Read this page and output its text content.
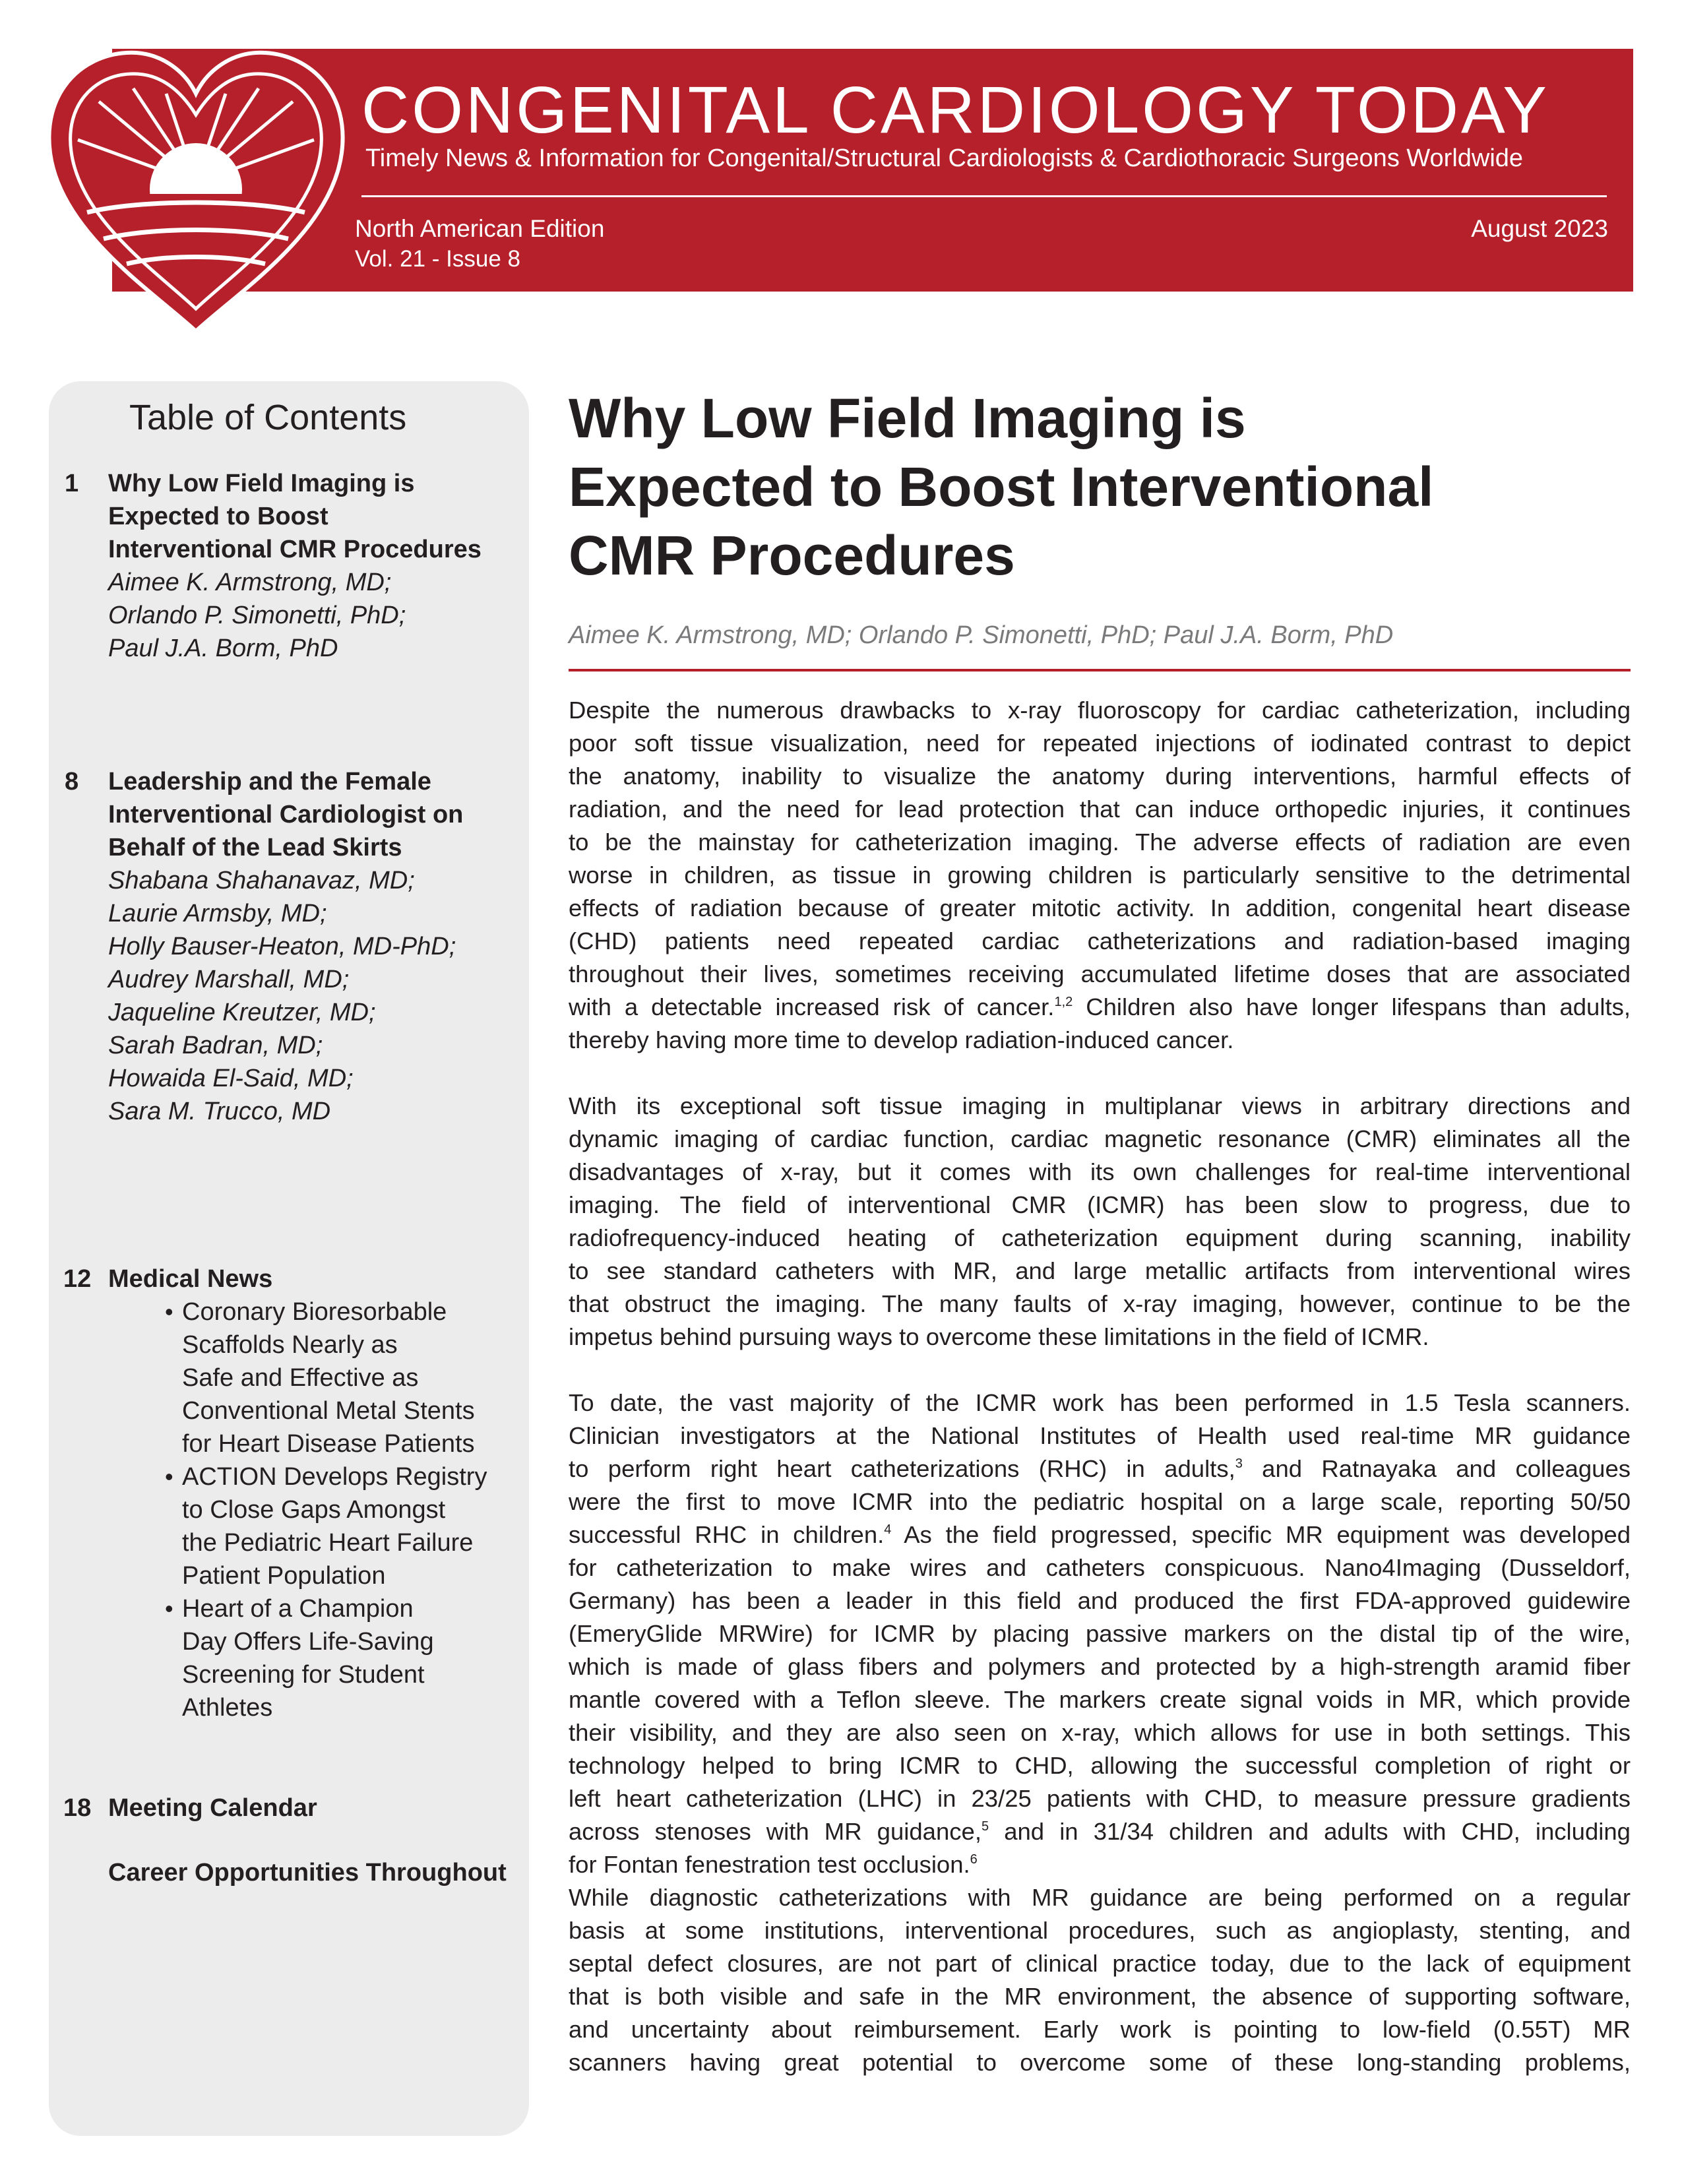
CONGENITAL CARDIOLOGY TODAY
Timely News & Information for Congenital/Structural Cardiologists & Cardiothoracic Surgeons Worldwide
North American Edition
Vol. 21 - Issue 8
August 2023
Table of Contents
1 Why Low Field Imaging is
Expected to Boost
Interventional CMR Procedures
Aimee K. Armstrong, MD;
Orlando P. Simonetti, PhD;
Paul J.A. Borm, PhD
8 Leadership and the Female
Interventional Cardiologist on
Behalf of the Lead Skirts
Shabana Shahanavaz, MD;
Laurie Armsby, MD;
Holly Bauser-Heaton, MD-PhD;
Audrey Marshall, MD;
Jaqueline Kreutzer, MD;
Sarah Badran, MD;
Howaida El-Said, MD;
Sara M. Trucco, MD
12 Medical News
• Coronary Bioresorbable
Scaffolds Nearly as
Safe and Effective as
Conventional Metal Stents
for Heart Disease Patients
• ACTION Develops Registry
to Close Gaps Amongst
the Pediatric Heart Failure
Patient Population
• Heart of a Champion
Day Offers Life-Saving
Screening for Student
Athletes
18 Meeting Calendar
Career Opportunities Throughout
Why Low Field Imaging is
Expected to Boost Interventional
CMR Procedures
Aimee K. Armstrong, MD; Orlando P. Simonetti, PhD; Paul J.A. Borm, PhD
Despite the numerous drawbacks to x-ray fluoroscopy for cardiac catheterization, including
poor soft tissue visualization, need for repeated injections of iodinated contrast to depict
the anatomy, inability to visualize the anatomy during interventions, harmful effects of
radiation, and the need for lead protection that can induce orthopedic injuries, it continues
to be the mainstay for catheterization imaging. The adverse effects of radiation are even
worse in children, as tissue in growing children is particularly sensitive to the detrimental
effects of radiation because of greater mitotic activity. In addition, congenital heart disease
(CHD) patients need repeated cardiac catheterizations and radiation-based imaging
throughout their lives, sometimes receiving accumulated lifetime doses that are associated
with a detectable increased risk of cancer.$^{1,2}$ Children also have longer lifespans than adults,
thereby having more time to develop radiation-induced cancer.
With its exceptional soft tissue imaging in multiplanar views in arbitrary directions and
dynamic imaging of cardiac function, cardiac magnetic resonance (CMR) eliminates all the
disadvantages of x-ray, but it comes with its own challenges for real-time interventional
imaging. The field of interventional CMR (ICMR) has been slow to progress, due to
radiofrequency-induced heating of catheterization equipment during scanning, inability
to see standard catheters with MR, and large metallic artifacts from interventional wires
that obstruct the imaging. The many faults of x-ray imaging, however, continue to be the
impetus behind pursuing ways to overcome these limitations in the field of ICMR.
To date, the vast majority of the ICMR work has been performed in 1.5 Tesla scanners.
Clinician investigators at the National Institutes of Health used real-time MR guidance
to perform right heart catheterizations (RHC) in adults,$^3$ and Ratnayaka and colleagues
were the first to move ICMR into the pediatric hospital on a large scale, reporting 50/50
successful RHC in children.$^4$ As the field progressed, specific MR equipment was developed
for catheterization to make wires and catheters conspicuous. Nano4Imaging (Dusseldorf,
Germany) has been a leader in this field and produced the first FDA-approved guidewire
(EmeryGlide MRWire) for ICMR by placing passive markers on the distal tip of the wire,
which is made of glass fibers and polymers and protected by a high-strength aramid fiber
mantle covered with a Teflon sleeve. The markers create signal voids in MR, which provide
their visibility, and they are also seen on x-ray, which allows for use in both settings. This
technology helped to bring ICMR to CHD, allowing the successful completion of right or
left heart catheterization (LHC) in 23/25 patients with CHD, to measure pressure gradients
across stenoses with MR guidance,$^5$ and in 31/34 children and adults with CHD, including
for Fontan fenestration test occlusion.$^6$
While diagnostic catheterizations with MR guidance are being performed on a regular
basis at some institutions, interventional procedures, such as angioplasty, stenting, and
septal defect closures, are not part of clinical practice today, due to the lack of equipment
that is both visible and safe in the MR environment, the absence of supporting software,
and uncertainty about reimbursement. Early work is pointing to low-field (0.55T) MR
scanners having great potential to overcome some of these long-standing problems,
